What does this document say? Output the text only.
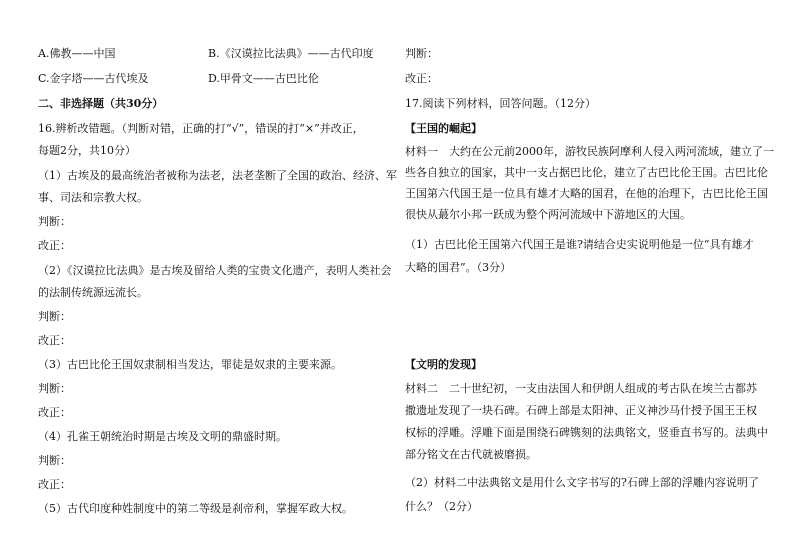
A.佛教——中国	B.《汉谟拉比法典》——古代印度
C.金字塔——古代埃及	D.甲骨文——古巴比伦
二、非选择题（共30分）
16.辨析改错题。（判断对错，正确的打“√”，错误的打“×”并改正，
每题2分，共10分）
（1）古埃及的最高统治者被称为法老，法老垄断了全国的政治、经济、军
事、司法和宗教大权。
判断：
改正：
（2）《汉谟拉比法典》是古埃及留给人类的宝贵文化遗产，表明人类社会
的法制传统源远流长。
判断：
改正：
（3）古巴比伦王国奴隶制相当发达，罪徒是奴隶的主要来源。
判断：
改正：
（4）孔雀王朝统治时期是古埃及文明的鼎盛时期。
判断：
改正：
（5）古代印度种姓制度中的第二等级是刹帝利，掌握军政大权。
判断：
改正：
17.阅读下列材料，回答问题。（12分）
【王国的崛起】
材料一　大约在公元前2000年，游牧民族阿摩利人侵入两河流域，建立了一
些各自独立的国家，其中一支占据巴比伦，建立了古巴比伦王国。古巴比伦
王国第六代国王是一位具有雄才大略的国君，在他的治理下，古巴比伦王国
很快从蕞尔小邦一跃成为整个两河流域中下游地区的大国。
（1）古巴比伦王国第六代国王是谁?请结合史实说明他是一位“具有雄才
大略的国君”。（3分）
【文明的发现】
材料二　二十世纪初，一支由法国人和伊朗人组成的考古队在埃兰古都苏
撒遗址发现了一块石碑。石碑上部是太阳神、正义神沙马什授予国王王权
权标的浮雕。浮雕下面是围绕石碑镌刻的法典铭文，竖垂直书写的。法典中
部分铭文在古代就被磨损。
（2）材料二中法典铭文是用什么文字书写的?石碑上部的浮雕内容说明了
什么？（2分）
